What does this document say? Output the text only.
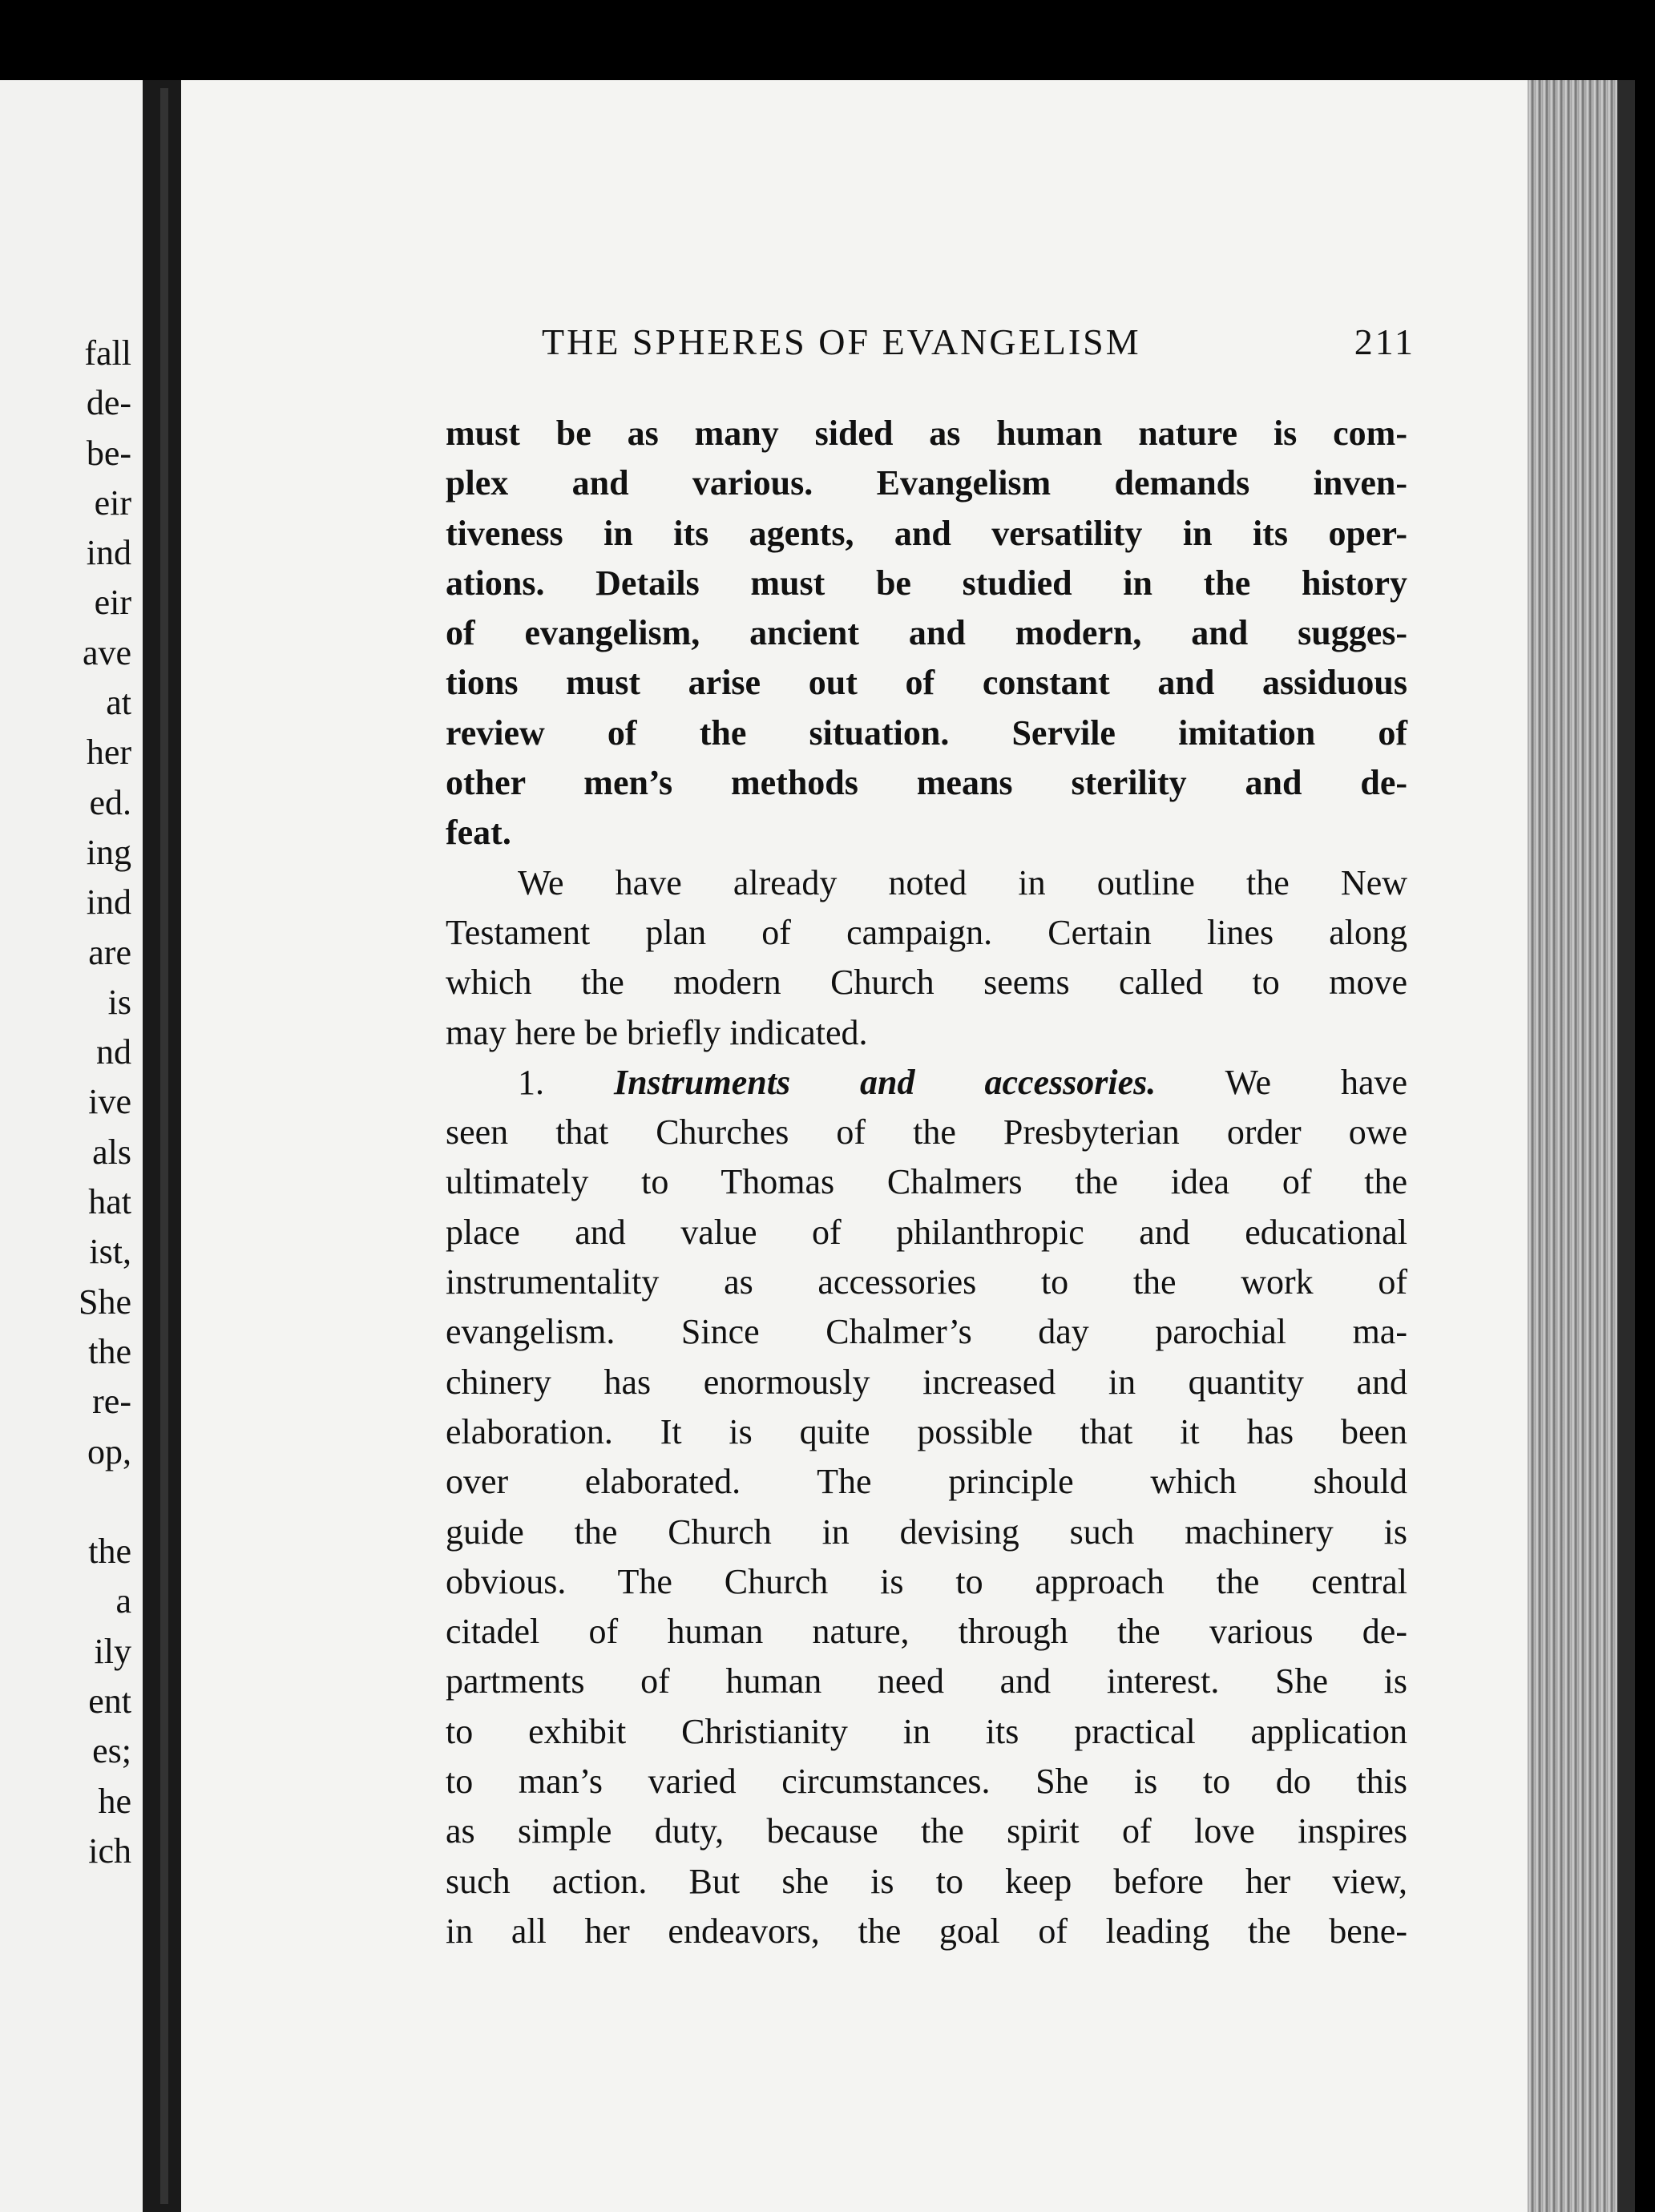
fall
de-
be-
eir
ind
eir
ave
at
her
ed.
ing
ind
are
is
nd
ive
als
hat
ist,
She
the
re-
op,
the
a
ily
ent
es;
he
ich
THE SPHERES OF EVANGELISM	211
must be as many sided as human nature is com-
plex and various. Evangelism demands inven-
tiveness in its agents, and versatility in its oper-
ations. Details must be studied in the history
of evangelism, ancient and modern, and sugges-
tions must arise out of constant and assiduous
review of the situation. Servile imitation of
other men’s methods means sterility and de-
feat.
We have already noted in outline the New
Testament plan of campaign. Certain lines along
which the modern Church seems called to move
may here be briefly indicated.
1. Instruments and accessories. We have
seen that Churches of the Presbyterian order owe
ultimately to Thomas Chalmers the idea of the
place and value of philanthropic and educational
instrumentality as accessories to the work of
evangelism. Since Chalmer’s day parochial ma-
chinery has enormously increased in quantity and
elaboration. It is quite possible that it has been
over elaborated. The principle which should
guide the Church in devising such machinery is
obvious. The Church is to approach the central
citadel of human nature, through the various de-
partments of human need and interest. She is
to exhibit Christianity in its practical application
to man’s varied circumstances. She is to do this
as simple duty, because the spirit of love inspires
such action. But she is to keep before her view,
in all her endeavors, the goal of leading the bene-
